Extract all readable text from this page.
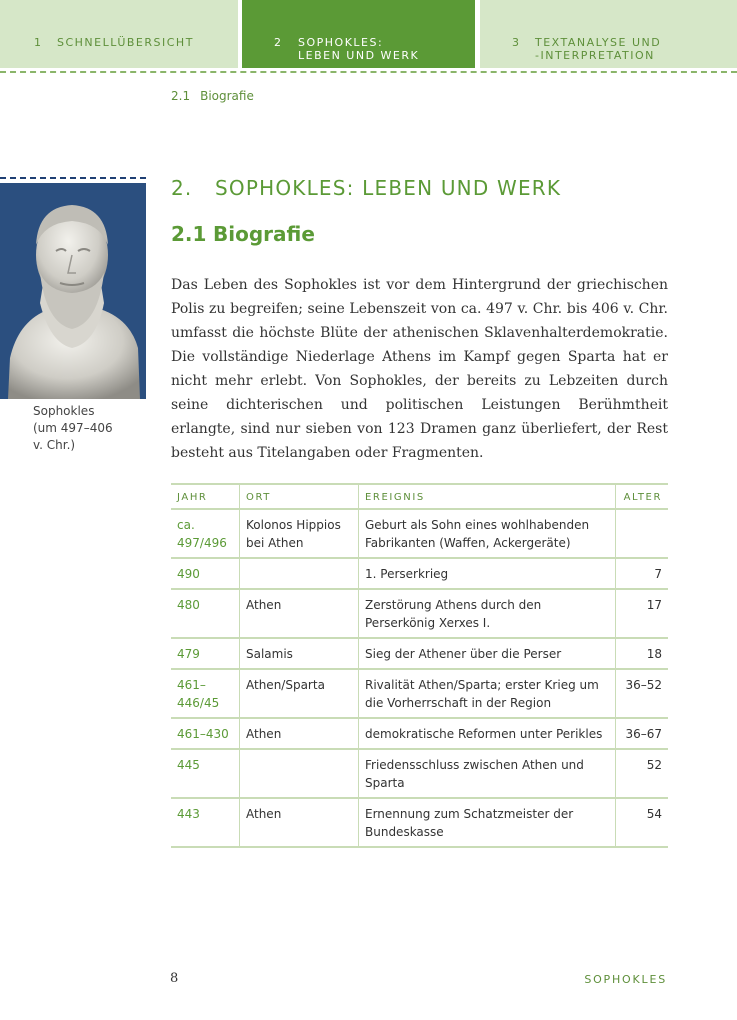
1 SCHNELLÜBERSICHT	2 SOPHOKLES:
LEBEN UND WERK
3 TEXTANALYSE UND
-INTERPRETATION
2.1 Biografie
Sophokles
(um 497–406
v. Chr.)
2. SOPHOKLES: LEBEN UND WERK
2.1 Biografie
Das Leben des Sophokles ist vor dem Hintergrund der griechischen Polis zu begreifen; seine Lebenszeit von ca. 497 v. Chr. bis 406 v. Chr. umfasst die höchste Blüte der athenischen Sklavenhalterdemokratie. Die vollständige Niederlage Athens im Kampf gegen Sparta hat er nicht mehr erlebt. Von Sophokles, der bereits zu Lebzeiten durch seine dichterischen und politischen Leistungen Berühmtheit erlangte, sind nur sieben von 123 Dramen ganz überliefert, der Rest besteht aus Titelangaben oder Fragmenten.
JAHR	ORT	EREIGNIS	ALTER
ca. 497/496	Kolonos Hippios bei Athen	Geburt als Sohn eines wohlhabenden Fabrikanten (Waffen, Ackergeräte)	
490		1. Perserkrieg	7
480	Athen	Zerstörung Athens durch den Perserkönig Xerxes I.	17
479	Salamis	Sieg der Athener über die Perser	18
461–446/45	Athen/Sparta	Rivalität Athen/Sparta; erster Krieg um die Vorherrschaft in der Region	36–52
461–430	Athen	demokratische Reformen unter Perikles	36–67
445		Friedensschluss zwischen Athen und Sparta	52
443	Athen	Ernennung zum Schatzmeister der Bundeskasse	54
8	SOPHOKLES
